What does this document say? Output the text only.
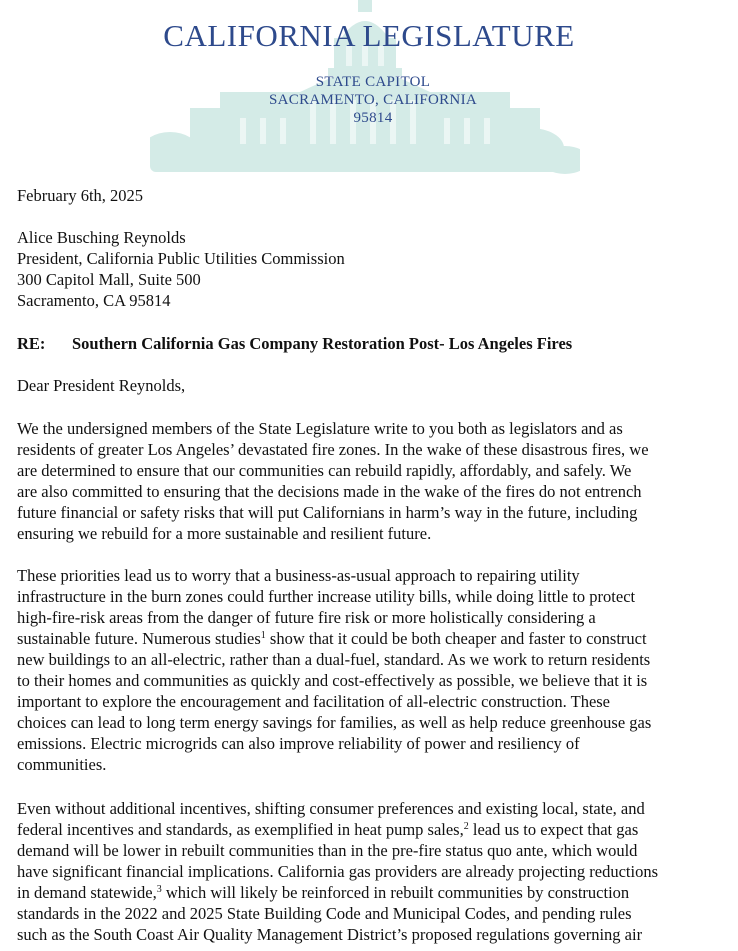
CALIFORNIA LEGISLATURE
STATE CAPITOL
SACRAMENTO, CALIFORNIA
95814
February 6th, 2025
Alice Busching Reynolds
President, California Public Utilities Commission
300 Capitol Mall, Suite 500
Sacramento, CA 95814
RE: Southern California Gas Company Restoration Post- Los Angeles Fires
Dear President Reynolds,
We the undersigned members of the State Legislature write to you both as legislators and as
residents of greater Los Angeles’ devastated fire zones. In the wake of these disastrous fires, we
are determined to ensure that our communities can rebuild rapidly, affordably, and safely. We
are also committed to ensuring that the decisions made in the wake of the fires do not entrench
future financial or safety risks that will put Californians in harm’s way in the future, including
ensuring we rebuild for a more sustainable and resilient future.
These priorities lead us to worry that a business-as-usual approach to repairing utility
infrastructure in the burn zones could further increase utility bills, while doing little to protect
high-fire-risk areas from the danger of future fire risk or more holistically considering a
sustainable future. Numerous studies$^1$ show that it could be both cheaper and faster to construct
new buildings to an all-electric, rather than a dual-fuel, standard. As we work to return residents
to their homes and communities as quickly and cost-effectively as possible, we believe that it is
important to explore the encouragement and facilitation of all-electric construction. These
choices can lead to long term energy savings for families, as well as help reduce greenhouse gas
emissions. Electric microgrids can also improve reliability of power and resiliency of
communities.
Even without additional incentives, shifting consumer preferences and existing local, state, and
federal incentives and standards, as exemplified in heat pump sales,$^2$ lead us to expect that gas
demand will be lower in rebuilt communities than in the pre-fire status quo ante, which would
have significant financial implications. California gas providers are already projecting reductions
in demand statewide,$^3$ which will likely be reinforced in rebuilt communities by construction
standards in the 2022 and 2025 State Building Code and Municipal Codes, and pending rules
such as the South Coast Air Quality Management District’s proposed regulations governing air
